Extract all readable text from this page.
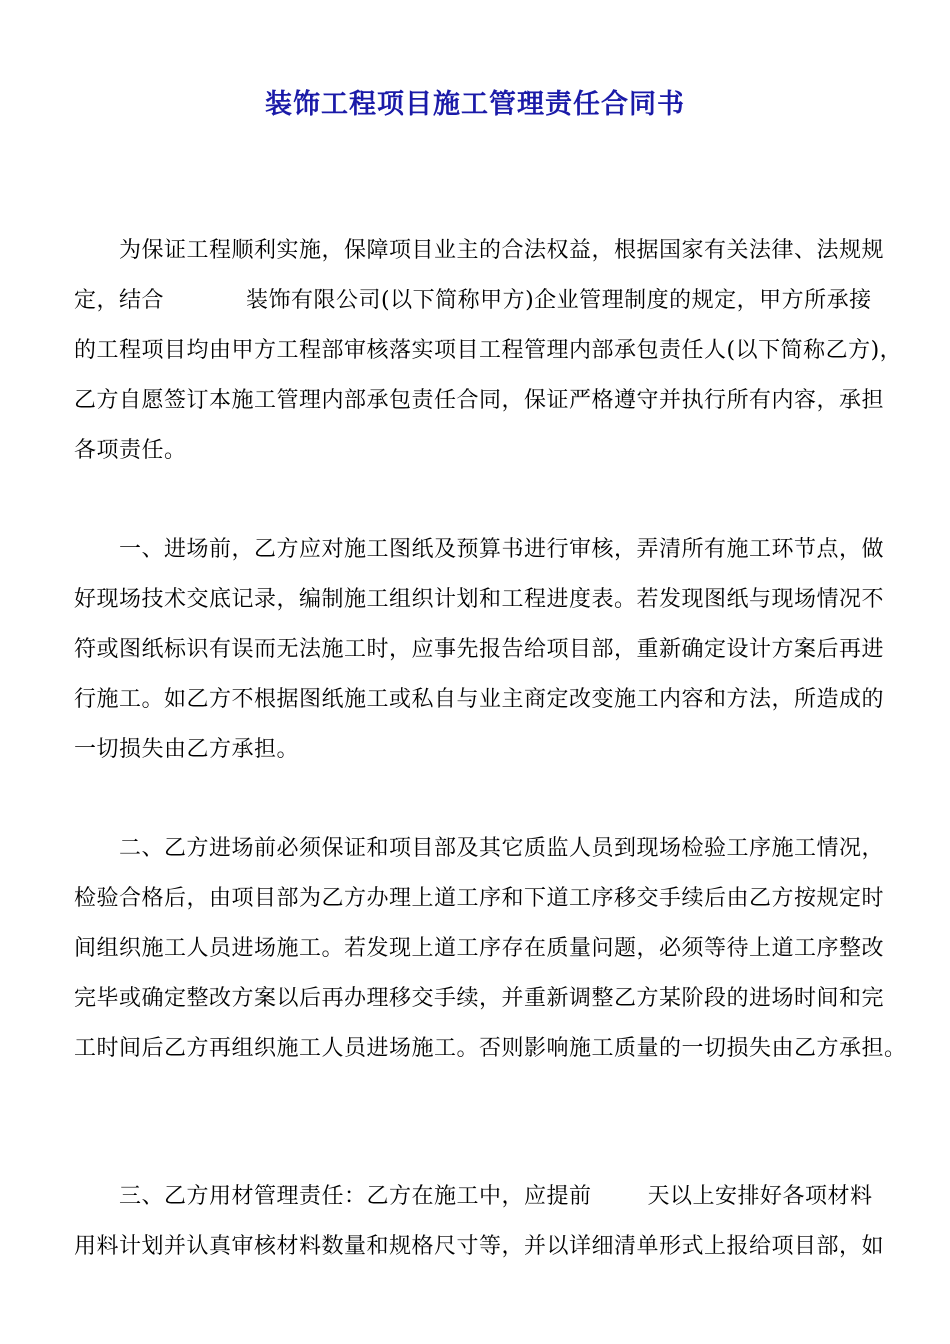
装饰工程项目施工管理责任合同书

　　为保证工程顺利实施，保障项目业主的合法权益，根据国家有关法律、法规规

定，结合	装饰有限公司(以下简称甲方)企业管理制度的规定，甲方所承接

的工程项目均由甲方工程部审核落实项目工程管理内部承包责任人(以下简称乙方)，

乙方自愿签订本施工管理内部承包责任合同，保证严格遵守并执行所有内容，承担

各项责任。

　　一、进场前，乙方应对施工图纸及预算书进行审核，弄清所有施工环节点，做

好现场技术交底记录，编制施工组织计划和工程进度表。若发现图纸与现场情况不

符或图纸标识有误而无法施工时，应事先报告给项目部，重新确定设计方案后再进

行施工。如乙方不根据图纸施工或私自与业主商定改变施工内容和方法，所造成的

一切损失由乙方承担。

　　二、乙方进场前必须保证和项目部及其它质监人员到现场检验工序施工情况，

检验合格后，由项目部为乙方办理上道工序和下道工序移交手续后由乙方按规定时

间组织施工人员进场施工。若发现上道工序存在质量问题，必须等待上道工序整改

完毕或确定整改方案以后再办理移交手续，并重新调整乙方某阶段的进场时间和完

工时间后乙方再组织施工人员进场施工。否则影响施工质量的一切损失由乙方承担。

　　三、乙方用材管理责任：乙方在施工中，应提前	天以上安排好各项材料

用料计划并认真审核材料数量和规格尺寸等，并以详细清单形式上报给项目部，如
